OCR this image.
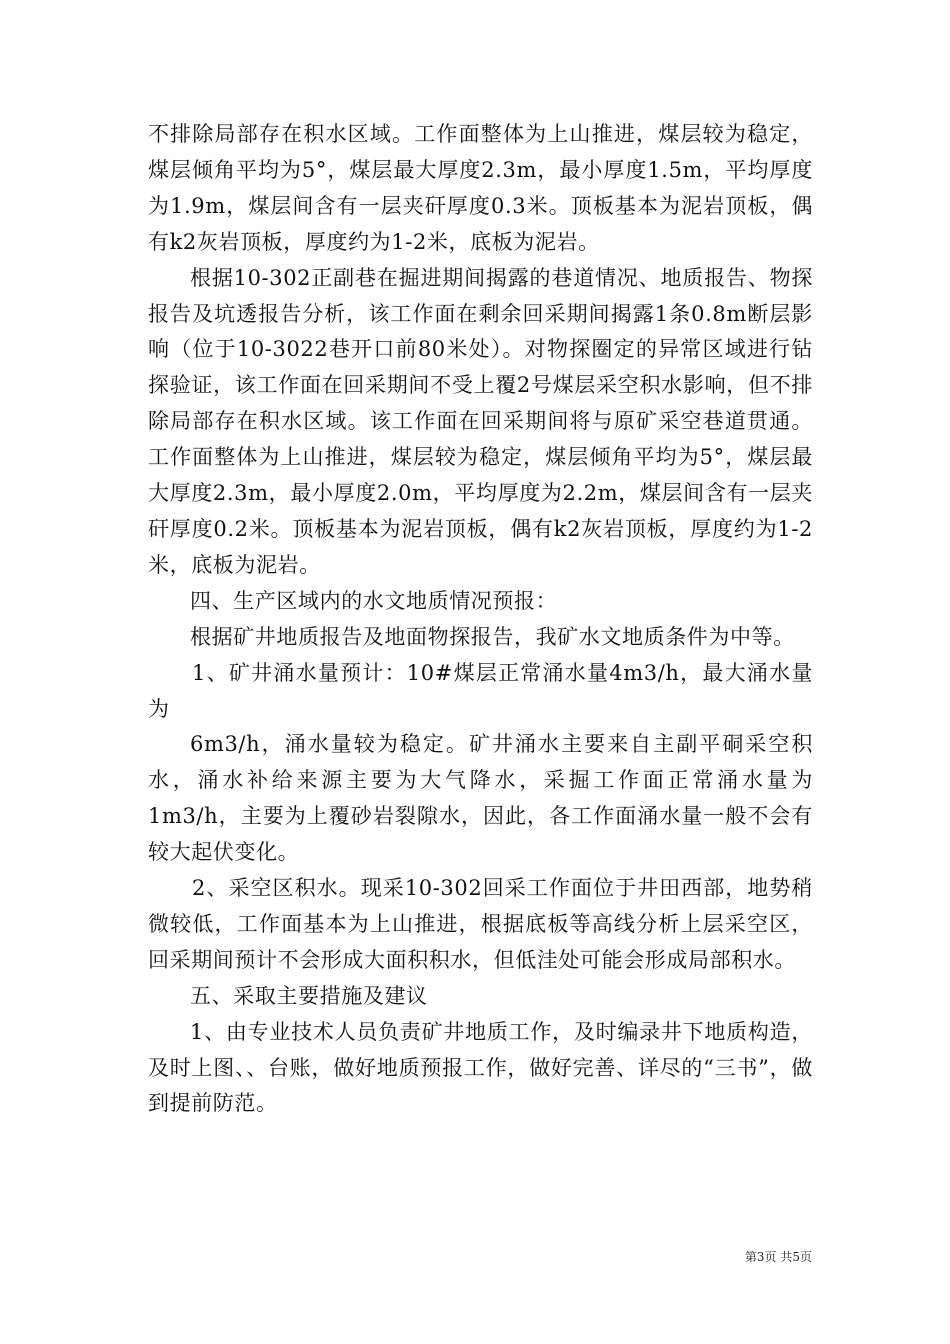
不排除局部存在积水区域。工作面整体为上山推进，煤层较为稳定，煤层倾角平均为5°，煤层最大厚度2.3m，最小厚度1.5m，平均厚度为1.9m，煤层间含有一层夹矸厚度0.3米。顶板基本为泥岩顶板，偶有k2灰岩顶板，厚度约为1-2米，底板为泥岩。

根据10-302正副巷在掘进期间揭露的巷道情况、地质报告、物探报告及坑透报告分析，该工作面在剩余回采期间揭露1条0.8m断层影响（位于10-3022巷开口前80米处）。对物探圈定的异常区域进行钻探验证，该工作面在回采期间不受上覆2号煤层采空积水影响，但不排除局部存在积水区域。该工作面在回采期间将与原矿采空巷道贯通。工作面整体为上山推进，煤层较为稳定，煤层倾角平均为5°，煤层最大厚度2.3m，最小厚度2.0m，平均厚度为2.2m，煤层间含有一层夹矸厚度0.2米。顶板基本为泥岩顶板，偶有k2灰岩顶板，厚度约为1-2米，底板为泥岩。

四、生产区域内的水文地质情况预报：

根据矿井地质报告及地面物探报告，我矿水文地质条件为中等。

1、矿井涌水量预计：10#煤层正常涌水量4m3/h，最大涌水量为

6m3/h，涌水量较为稳定。矿井涌水主要来自主副平硐采空积水，涌水补给来源主要为大气降水，采掘工作面正常涌水量为1m3/h，主要为上覆砂岩裂隙水，因此，各工作面涌水量一般不会有较大起伏变化。

2、采空区积水。现采10-302回采工作面位于井田西部，地势稍微较低，工作面基本为上山推进，根据底板等高线分析上层采空区，回采期间预计不会形成大面积积水，但低洼处可能会形成局部积水。

五、采取主要措施及建议

1、由专业技术人员负责矿井地质工作，及时编录井下地质构造，及时上图、、台账，做好地质预报工作，做好完善、详尽的“三书”，做到提前防范。

第3页 共5页
